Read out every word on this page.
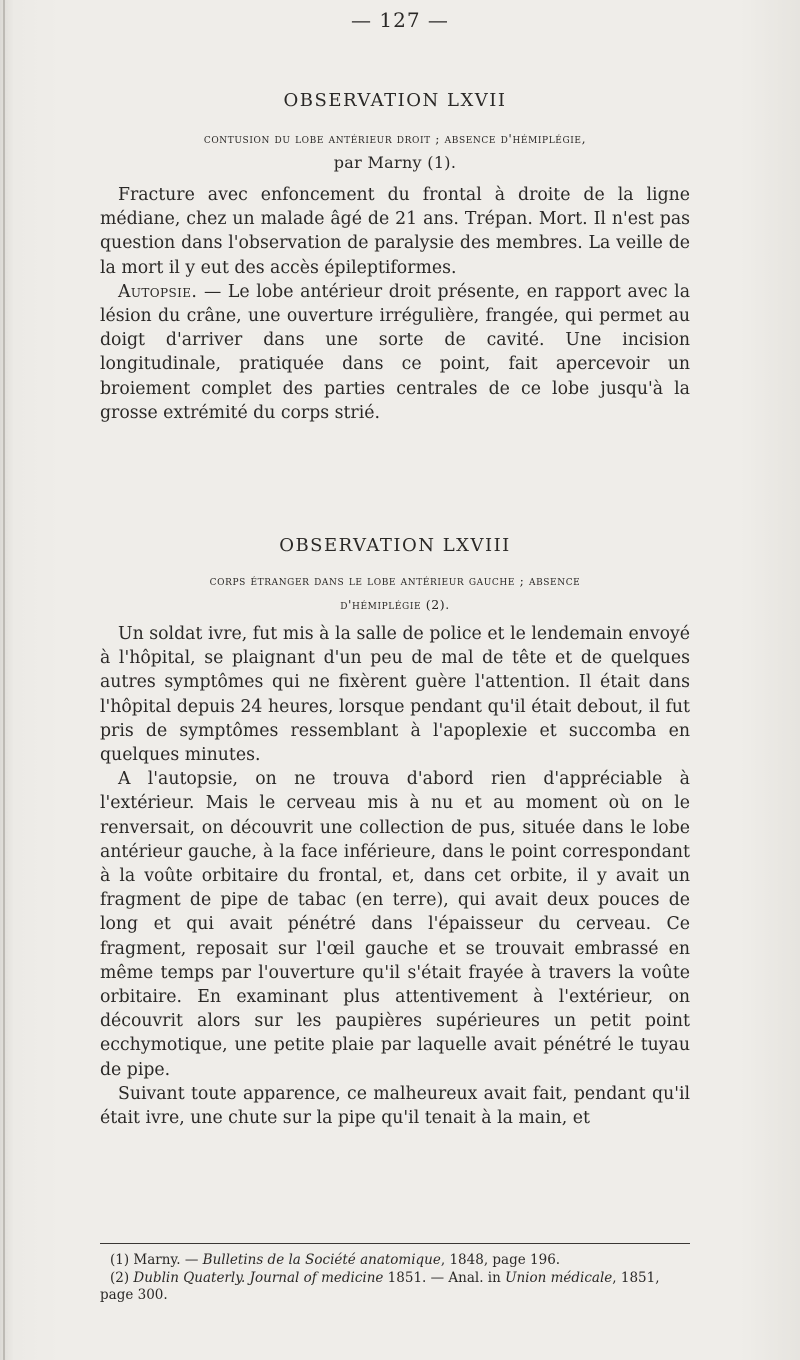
— 127 —

OBSERVATION LXVII

contusion du lobe antérieur droit ; absence d'hémiplégie,

par Marny (1).

Fracture avec enfoncement du frontal à droite de la ligne médiane, chez un malade âgé de 21 ans. Trépan. Mort. Il n'est pas question dans l'observation de paralysie des membres. La veille de la mort il y eut des accès épileptiformes.

Autopsie. — Le lobe antérieur droit présente, en rapport avec la lésion du crâne, une ouverture irrégulière, frangée, qui permet au doigt d'arriver dans une sorte de cavité. Une incision longitudinale, pratiquée dans ce point, fait apercevoir un broiement complet des parties centrales de ce lobe jusqu'à la grosse extrémité du corps strié.

OBSERVATION LXVIII

corps étranger dans le lobe antérieur gauche ; absence

d'hémiplégie (2).

Un soldat ivre, fut mis à la salle de police et le lendemain envoyé à l'hôpital, se plaignant d'un peu de mal de tête et de quelques autres symptômes qui ne fixèrent guère l'attention. Il était dans l'hôpital depuis 24 heures, lorsque pendant qu'il était debout, il fut pris de symptômes ressemblant à l'apoplexie et succomba en quelques minutes.

A l'autopsie, on ne trouva d'abord rien d'appréciable à l'extérieur. Mais le cerveau mis à nu et au moment où on le renversait, on découvrit une collection de pus, située dans le lobe antérieur gauche, à la face inférieure, dans le point correspondant à la voûte orbitaire du frontal, et, dans cet orbite, il y avait un fragment de pipe de tabac (en terre), qui avait deux pouces de long et qui avait pénétré dans l'épaisseur du cerveau. Ce fragment, reposait sur l'œil gauche et se trouvait embrassé en même temps par l'ouverture qu'il s'était frayée à travers la voûte orbitaire. En examinant plus attentivement à l'extérieur, on découvrit alors sur les paupières supérieures un petit point ecchymotique, une petite plaie par laquelle avait pénétré le tuyau de pipe.

Suivant toute apparence, ce malheureux avait fait, pendant qu'il était ivre, une chute sur la pipe qu'il tenait à la main, et

(1) Marny. — Bulletins de la Société anatomique, 1848, page 196.
(2) Dublin Quaterly. Journal of medicine 1851. — Anal. in Union médicale, 1851, page 300.
